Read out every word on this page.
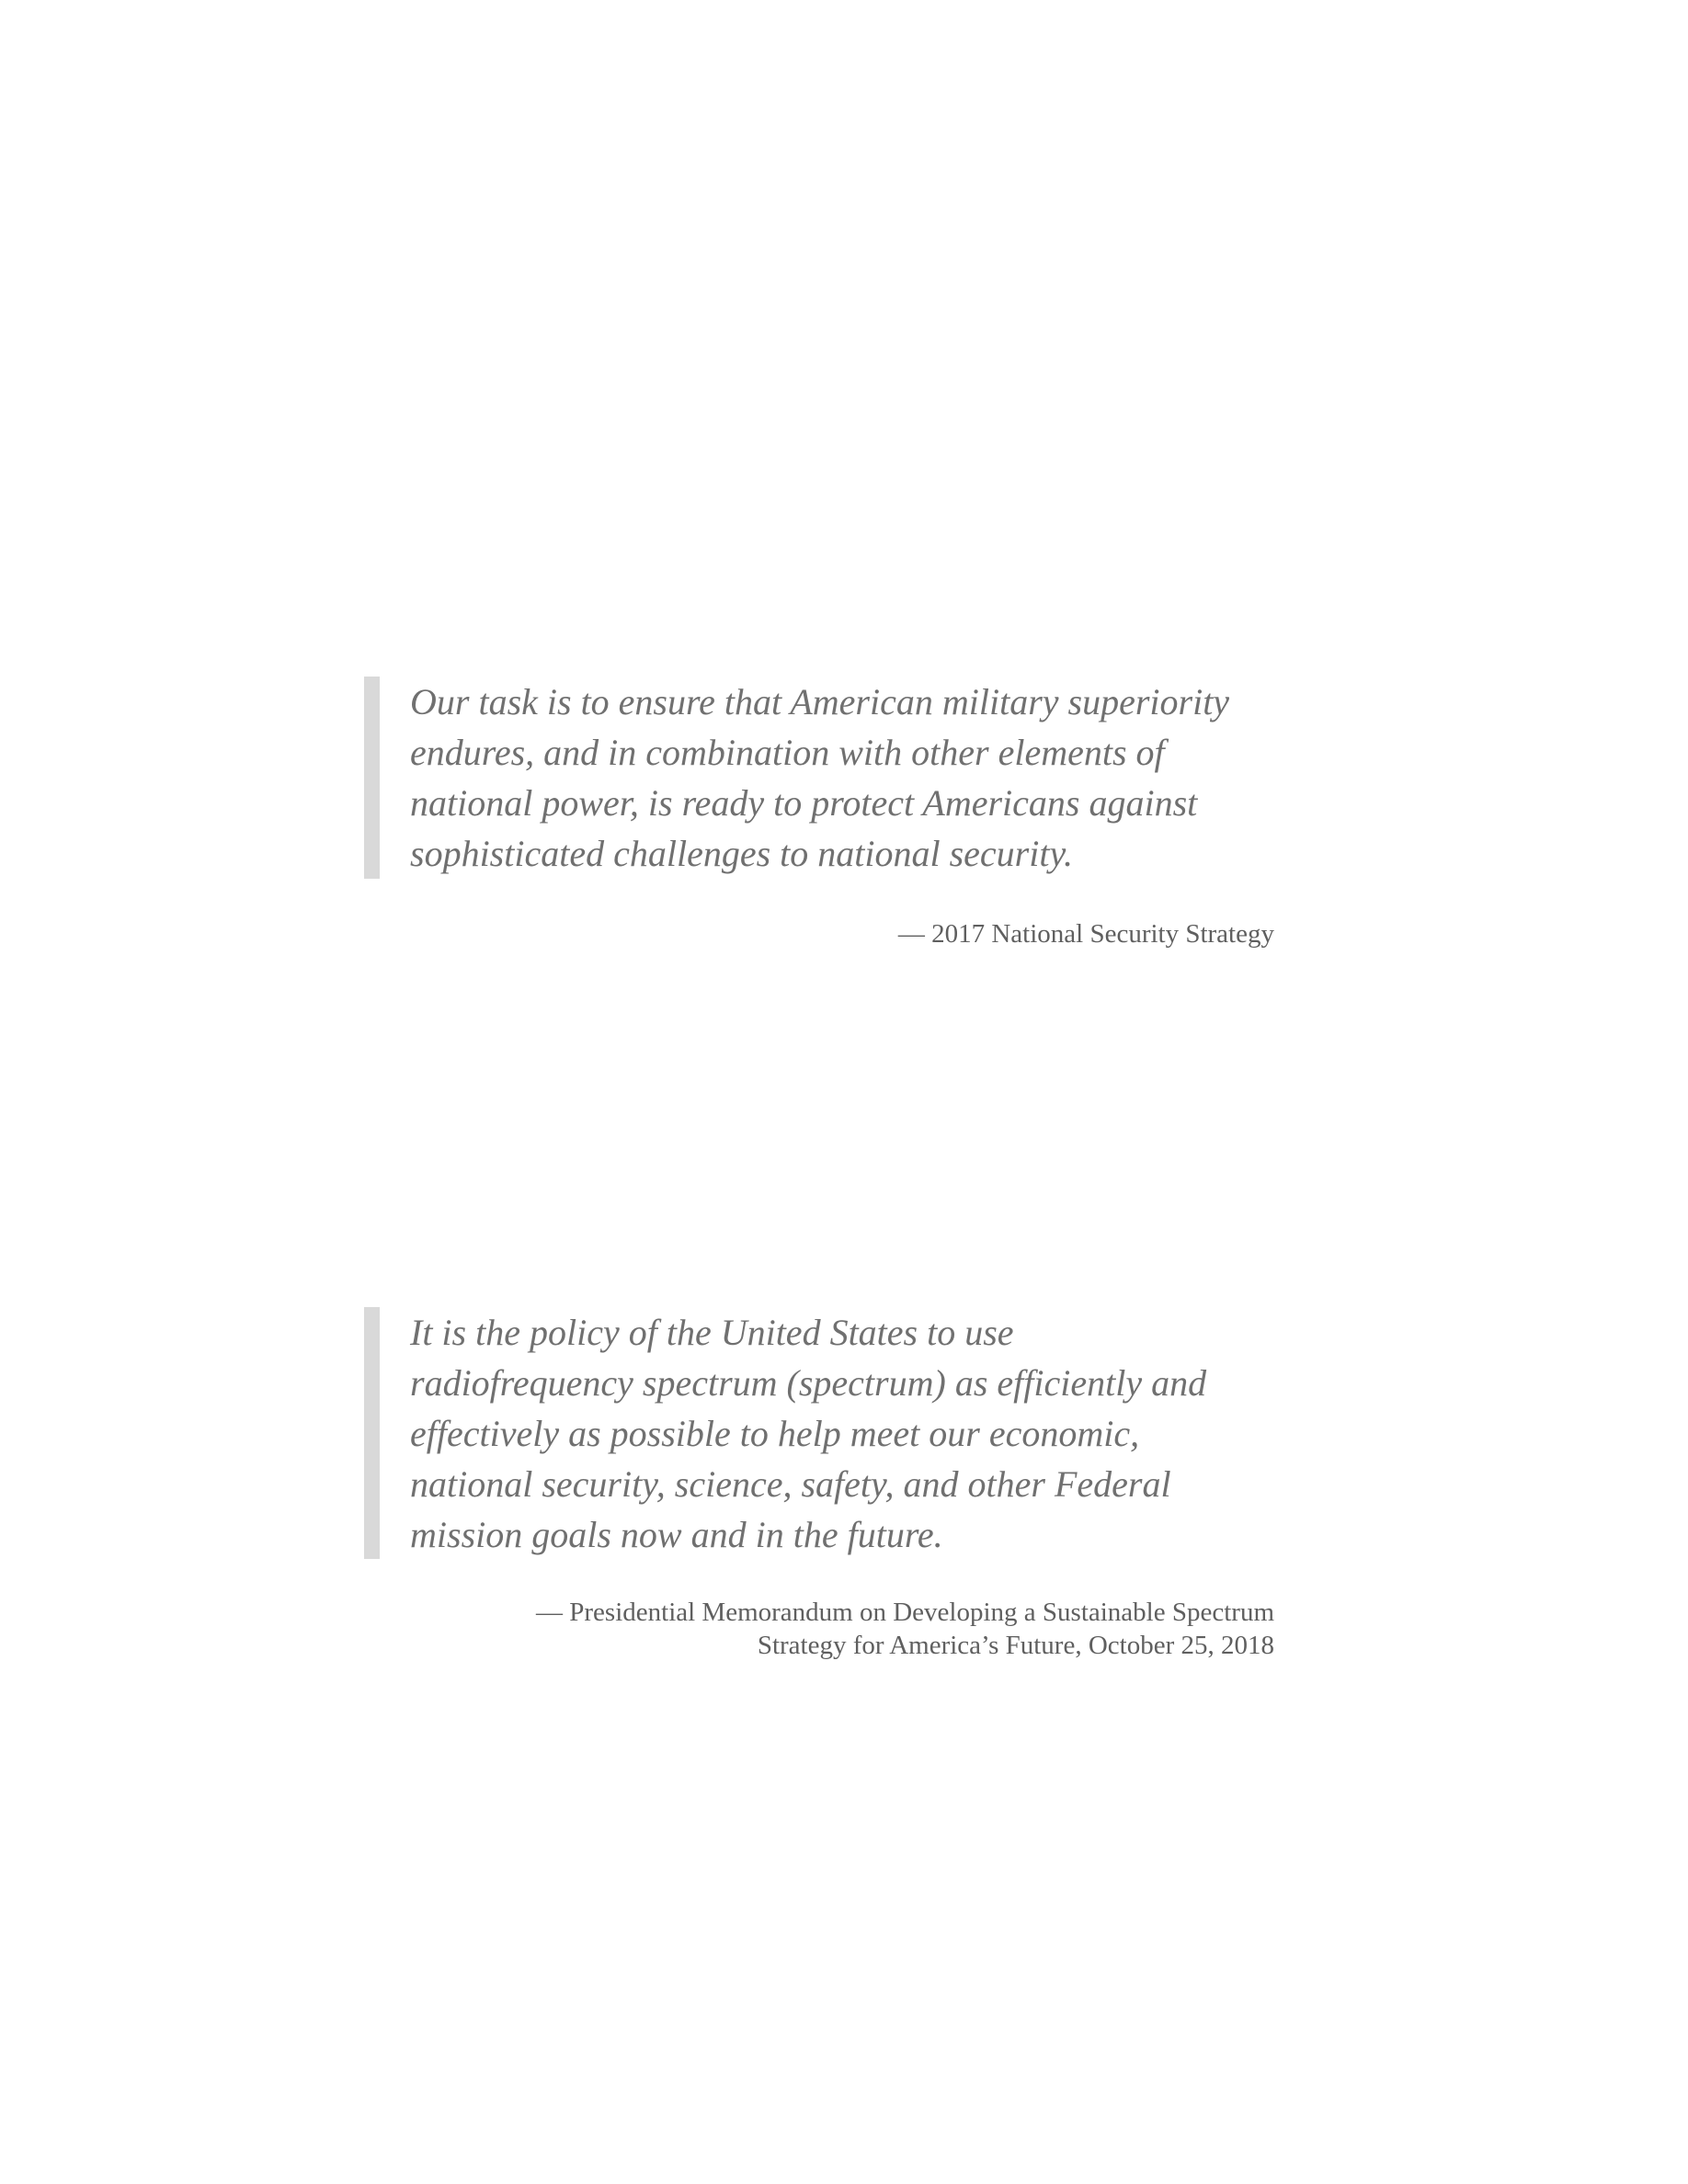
Our task is to ensure that American military superiority
endures, and in combination with other elements of
national power, is ready to protect Americans against
sophisticated challenges to national security.

— 2017 National Security Strategy

It is the policy of the United States to use
radiofrequency spectrum (spectrum) as efficiently and
effectively as possible to help meet our economic,
national security, science, safety, and other Federal
mission goals now and in the future.

— Presidential Memorandum on Developing a Sustainable Spectrum
Strategy for America’s Future, October 25, 2018
